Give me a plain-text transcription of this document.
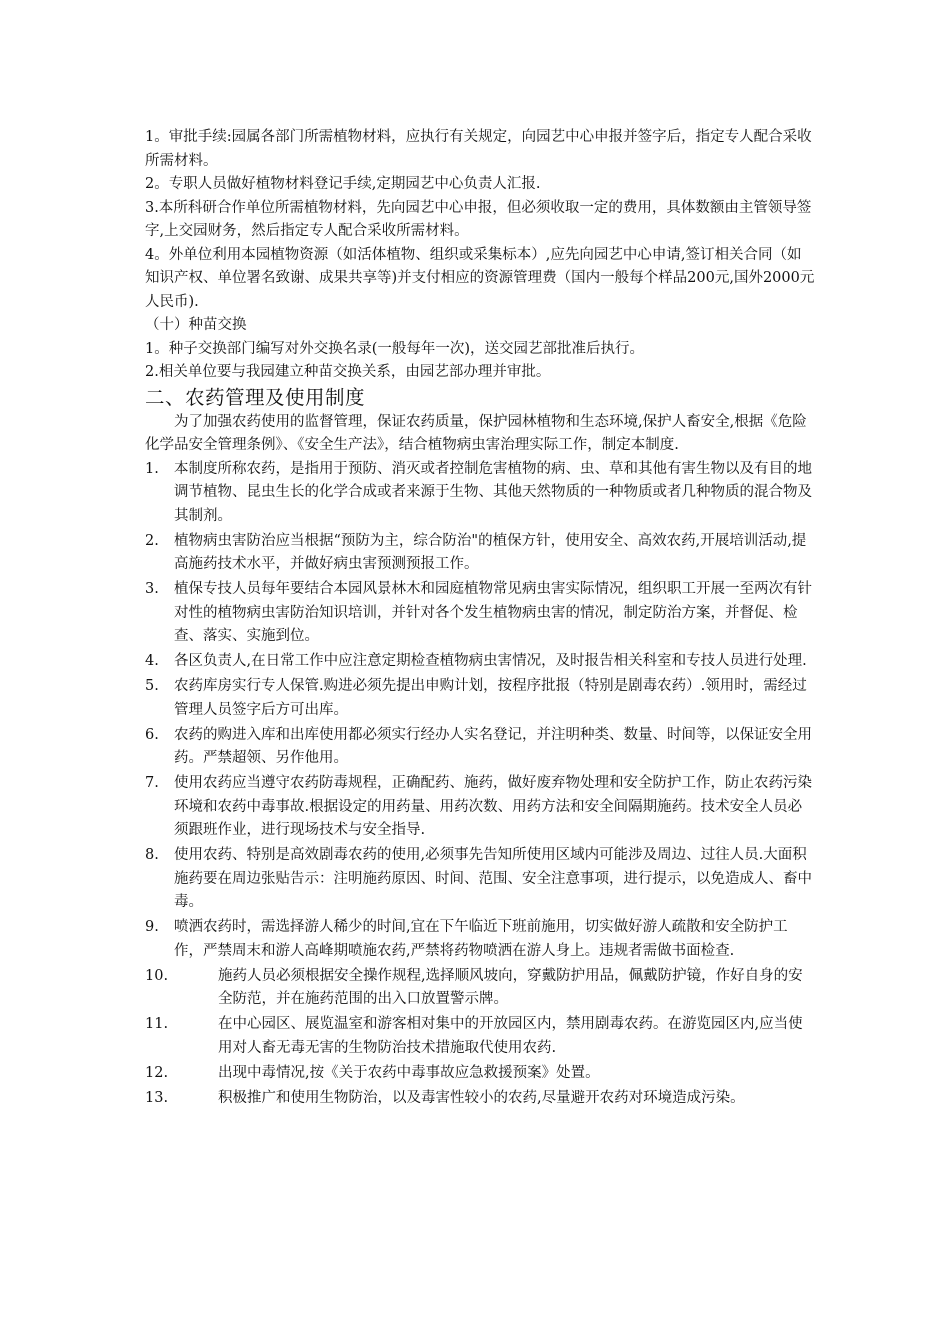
1。审批手续:园属各部门所需植物材料，应执行有关规定，向园艺中心申报并签字后，指定专人配合采收所需材料。

2。专职人员做好植物材料登记手续,定期园艺中心负责人汇报.

3.本所科研合作单位所需植物材料，先向园艺中心申报，但必须收取一定的费用，具体数额由主管领导签字,上交园财务，然后指定专人配合采收所需材料。

4。外单位利用本园植物资源（如活体植物、组织或采集标本）,应先向园艺中心申请,签订相关合同（如知识产权、单位署名致谢、成果共享等)并支付相应的资源管理费（国内一般每个样品200元,国外2000元人民币).

（十）种苗交换

1。种子交换部门编写对外交换名录(一般每年一次)，送交园艺部批准后执行。

2.相关单位要与我园建立种苗交换关系，由园艺部办理并审批。

二、农药管理及使用制度

为了加强农药使用的监督管理，保证农药质量，保护园林植物和生态环境,保护人畜安全,根据《危险化学品安全管理条例》、《安全生产法》，结合植物病虫害治理实际工作，制定本制度.

1. 本制度所称农药，是指用于预防、消灭或者控制危害植物的病、虫、草和其他有害生物以及有目的地调节植物、昆虫生长的化学合成或者来源于生物、其他天然物质的一种物质或者几种物质的混合物及其制剂。
2. 植物病虫害防治应当根据“预防为主，综合防治"的植保方针，使用安全、高效农药,开展培训活动,提高施药技术水平，并做好病虫害预测预报工作。
3. 植保专技人员每年要结合本园风景林木和园庭植物常见病虫害实际情况，组织职工开展一至两次有针对性的植物病虫害防治知识培训，并针对各个发生植物病虫害的情况，制定防治方案，并督促、检查、落实、实施到位。
4. 各区负责人,在日常工作中应注意定期检查植物病虫害情况，及时报告相关科室和专技人员进行处理.
5. 农药库房实行专人保管.购进必须先提出申购计划，按程序批报（特别是剧毒农药）.领用时，需经过管理人员签字后方可出库。
6. 农药的购进入库和出库使用都必须实行经办人实名登记，并注明种类、数量、时间等，以保证安全用药。严禁超领、另作他用。
7. 使用农药应当遵守农药防毒规程，正确配药、施药，做好废弃物处理和安全防护工作，防止农药污染环境和农药中毒事故.根据设定的用药量、用药次数、用药方法和安全间隔期施药。技术安全人员必须跟班作业，进行现场技术与安全指导.
8. 使用农药、特别是高效剧毒农药的使用,必须事先告知所使用区域内可能涉及周边、过往人员.大面积施药要在周边张贴告示：注明施药原因、时间、范围、安全注意事项，进行提示，以免造成人、畜中毒。
9. 喷洒农药时，需选择游人稀少的时间,宜在下午临近下班前施用，切实做好游人疏散和安全防护工作，严禁周末和游人高峰期喷施农药,严禁将药物喷洒在游人身上。违规者需做书面检查.
10.	施药人员必须根据安全操作规程,选择顺风坡向，穿戴防护用品，佩戴防护镜，作好自身的安全防范，并在施药范围的出入口放置警示牌。
11.	在中心园区、展览温室和游客相对集中的开放园区内，禁用剧毒农药。在游览园区内,应当使用对人畜无毒无害的生物防治技术措施取代使用农药.
12.	出现中毒情况,按《关于农药中毒事故应急救援预案》处置。
13.	积极推广和使用生物防治，以及毒害性较小的农药,尽量避开农药对环境造成污染。
